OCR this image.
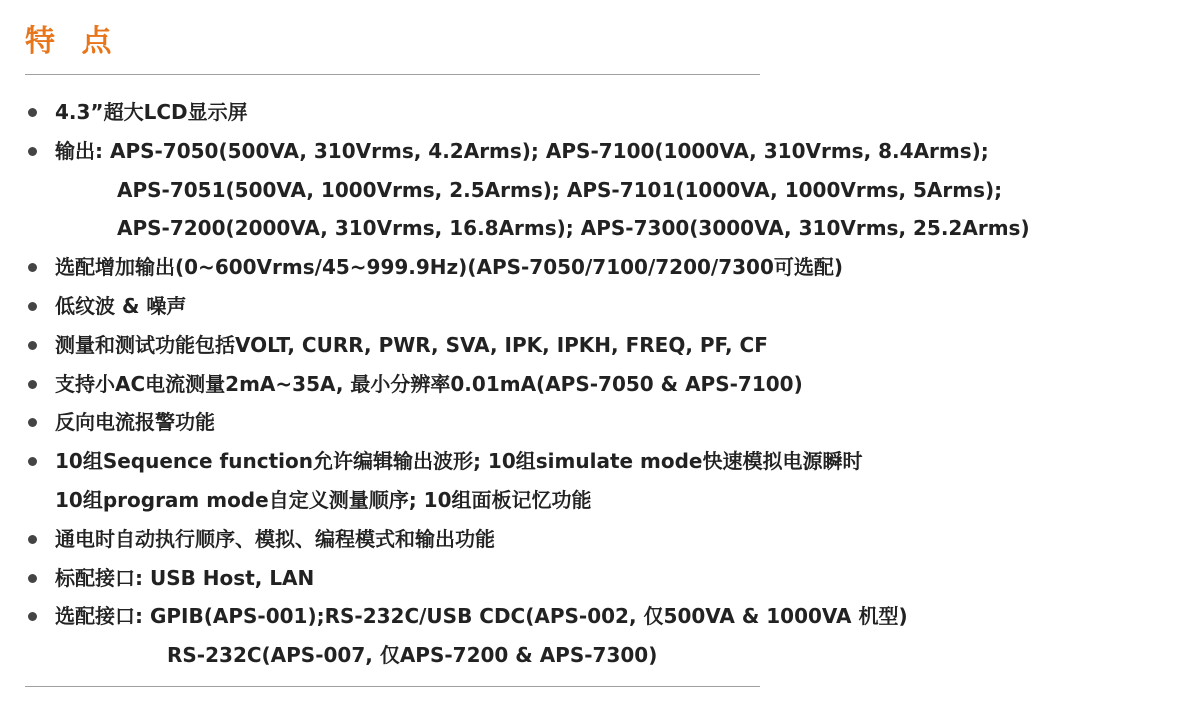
特 点
4.3”超大LCD显示屏
输出: APS-7050(500VA, 310Vrms, 4.2Arms); APS-7100(1000VA, 310Vrms, 8.4Arms);
APS-7051(500VA, 1000Vrms, 2.5Arms); APS-7101(1000VA, 1000Vrms, 5Arms);
APS-7200(2000VA, 310Vrms, 16.8Arms); APS-7300(3000VA, 310Vrms, 25.2Arms)
选配增加输出(0~600Vrms/45~999.9Hz)(APS-7050/7100/7200/7300可选配)
低纹波 & 噪声
测量和测试功能包括VOLT, CURR, PWR, SVA, IPK, IPKH, FREQ, PF, CF
支持小AC电流测量2mA~35A, 最小分辨率0.01mA(APS-7050 & APS-7100)
反向电流报警功能
10组Sequence function允许编辑输出波形; 10组simulate mode快速模拟电源瞬时
10组program mode自定义测量顺序; 10组面板记忆功能
通电时自动执行顺序、模拟、编程模式和输出功能
标配接口: USB Host, LAN
选配接口: GPIB(APS-001);RS-232C/USB CDC(APS-002, 仅500VA & 1000VA 机型)
RS-232C(APS-007, 仅APS-7200 & APS-7300)
